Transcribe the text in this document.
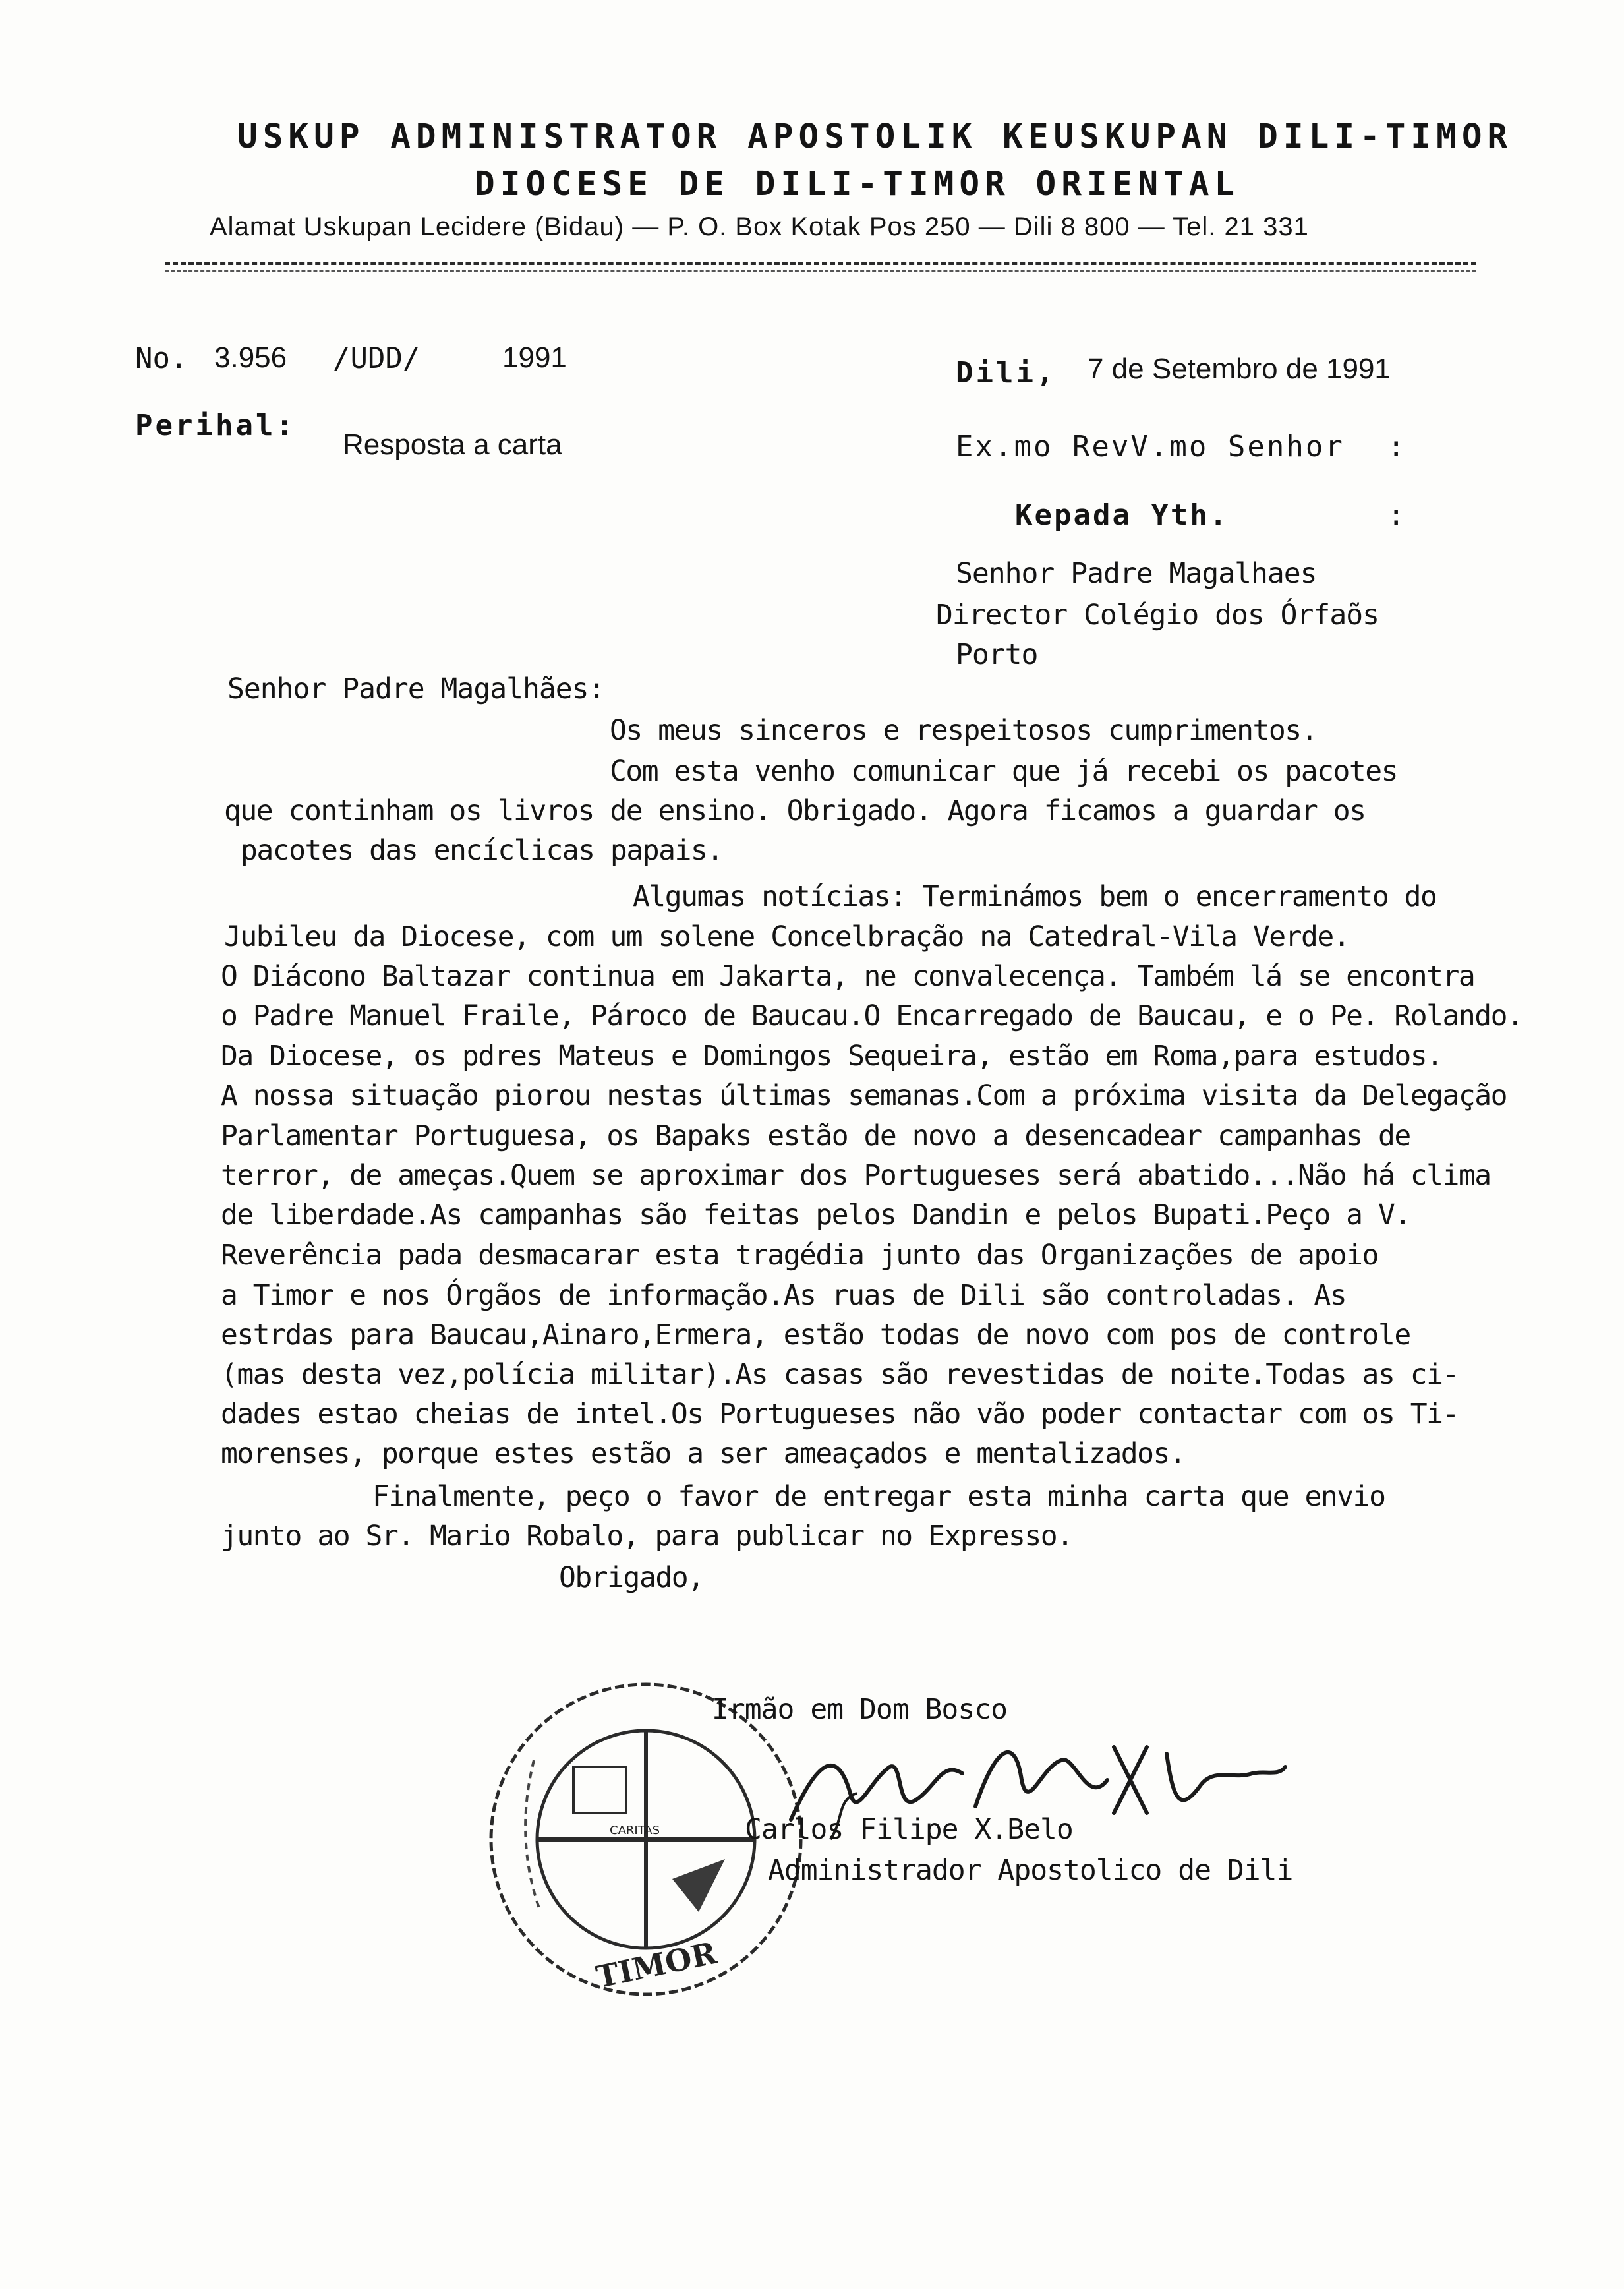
USKUP ADMINISTRATOR APOSTOLIK KEUSKUPAN DILI-TIMOR
DIOCESE DE DILI-TIMOR ORIENTAL
Alamat Uskupan Lecidere (Bidau) — P. O. Box Kotak Pos 250 — Dili 8 800 — Tel. 21 331
No. 3.956 /UDD/	1991
Perihal:
Resposta a carta
Dili, 7 de Setembro de 1991
Ex.mo RevV.mo Senhor :
Kepada Yth.	:
Senhor Padre Magalhaes
Director Colégio dos Órfaõs
Porto
Senhor Padre Magalhães:
Os meus sinceros e respeitosos cumprimentos.
Com esta venho comunicar que já recebi os pacotes
que continham os livros de ensino. Obrigado. Agora ficamos a guardar os
pacotes das encíclicas papais.
Algumas notícias: Terminámos bem o encerramento do
Jubileu da Diocese, com um solene Concelbração na Catedral-Vila Verde.
O Diácono Baltazar continua em Jakarta, ne convalecença. Também lá se encontra
o Padre Manuel Fraile, Pároco de Baucau.O Encarregado de Baucau, e o Pe. Rolando.
Da Diocese, os pdres Mateus e Domingos Sequeira, estão em Roma,para estudos.
A nossa situação piorou nestas últimas semanas.Com a próxima visita da Delegação
Parlamentar Portuguesa, os Bapaks estão de novo a desencadear campanhas de
terror, de ameças.Quem se aproximar dos Portugueses será abatido...Não há clima
de liberdade.As campanhas são feitas pelos Dandin e pelos Bupati.Peço a V.
Reverência pada desmacarar esta tragédia junto das Organizações de apoio
a Timor e nos Órgãos de informação.As ruas de Dili são controladas. As
estrdas para Baucau,Ainaro,Ermera, estão todas de novo com pos de controle
(mas desta vez,polícia militar).As casas são revestidas de noite.Todas as ci-
dades estao cheias de intel.Os Portugueses não vão poder contactar com os Ti-
morenses, porque estes estão a ser ameaçados e mentalizados.
Finalmente, peço o favor de entregar esta minha carta que envio
junto ao Sr. Mario Robalo, para publicar no Expresso.
Obrigado,
TIMOR
CARITAS
Irmão em Dom Bosco
Carlos Filipe X.Belo
Administrador Apostolico de Dili
